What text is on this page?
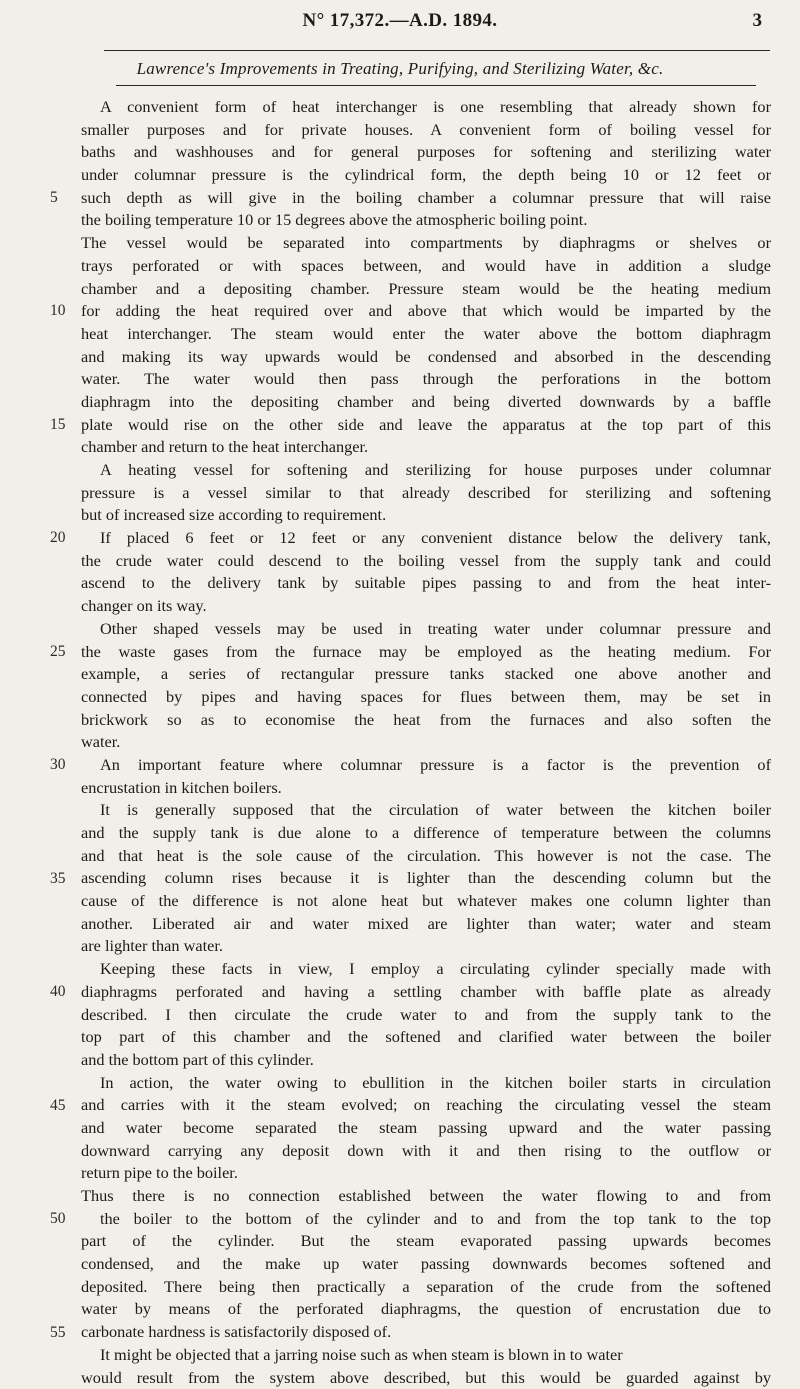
N° 17,372.—A.D. 1894.	3
Lawrence's Improvements in Treating, Purifying, and Sterilizing Water, &c.
5
10
15
20
25
30
35
40
45
50
55
A convenient form of heat interchanger is one resembling that already shown for
smaller purposes and for private houses. A convenient form of boiling vessel for
baths and washhouses and for general purposes for softening and sterilizing water
under columnar pressure is the cylindrical form, the depth being 10 or 12 feet or
such depth as will give in the boiling chamber a columnar pressure that will raise
the boiling temperature 10 or 15 degrees above the atmospheric boiling point.
The vessel would be separated into compartments by diaphragms or shelves or
trays perforated or with spaces between, and would have in addition a sludge
chamber and a depositing chamber. Pressure steam would be the heating medium
for adding the heat required over and above that which would be imparted by the
heat interchanger. The steam would enter the water above the bottom diaphragm
and making its way upwards would be condensed and absorbed in the descending
water. The water would then pass through the perforations in the bottom
diaphragm into the depositing chamber and being diverted downwards by a baffle
plate would rise on the other side and leave the apparatus at the top part of this
chamber and return to the heat interchanger.
A heating vessel for softening and sterilizing for house purposes under columnar
pressure is a vessel similar to that already described for sterilizing and softening
but of increased size according to requirement.
If placed 6 feet or 12 feet or any convenient distance below the delivery tank,
the crude water could descend to the boiling vessel from the supply tank and could
ascend to the delivery tank by suitable pipes passing to and from the heat inter-
changer on its way.
Other shaped vessels may be used in treating water under columnar pressure and
the waste gases from the furnace may be employed as the heating medium. For
example, a series of rectangular pressure tanks stacked one above another and
connected by pipes and having spaces for flues between them, may be set in
brickwork so as to economise the heat from the furnaces and also soften the
water.
An important feature where columnar pressure is a factor is the prevention of
encrustation in kitchen boilers.
It is generally supposed that the circulation of water between the kitchen boiler
and the supply tank is due alone to a difference of temperature between the columns
and that heat is the sole cause of the circulation. This however is not the case. The
ascending column rises because it is lighter than the descending column but the
cause of the difference is not alone heat but whatever makes one column lighter than
another. Liberated air and water mixed are lighter than water; water and steam
are lighter than water.
Keeping these facts in view, I employ a circulating cylinder specially made with
diaphragms perforated and having a settling chamber with baffle plate as already
described. I then circulate the crude water to and from the supply tank to the
top part of this chamber and the softened and clarified water between the boiler
and the bottom part of this cylinder.
In action, the water owing to ebullition in the kitchen boiler starts in circulation
and carries with it the steam evolved; on reaching the circulating vessel the steam
and water become separated the steam passing upward and the water passing
downward carrying any deposit down with it and then rising to the outflow or
return pipe to the boiler.
Thus there is no connection established between the water flowing to and from
the boiler to the bottom of the cylinder and to and from the top tank to the top
part of the cylinder. But the steam evaporated passing upwards becomes
condensed, and the make up water passing downwards becomes softened and
deposited. There being then practically a separation of the crude from the softened
water by means of the perforated diaphragms, the question of encrustation due to
carbonate hardness is satisfactorily disposed of.
It might be objected that a jarring noise such as when steam is blown in to water
would result from the system above described, but this would be guarded against by
